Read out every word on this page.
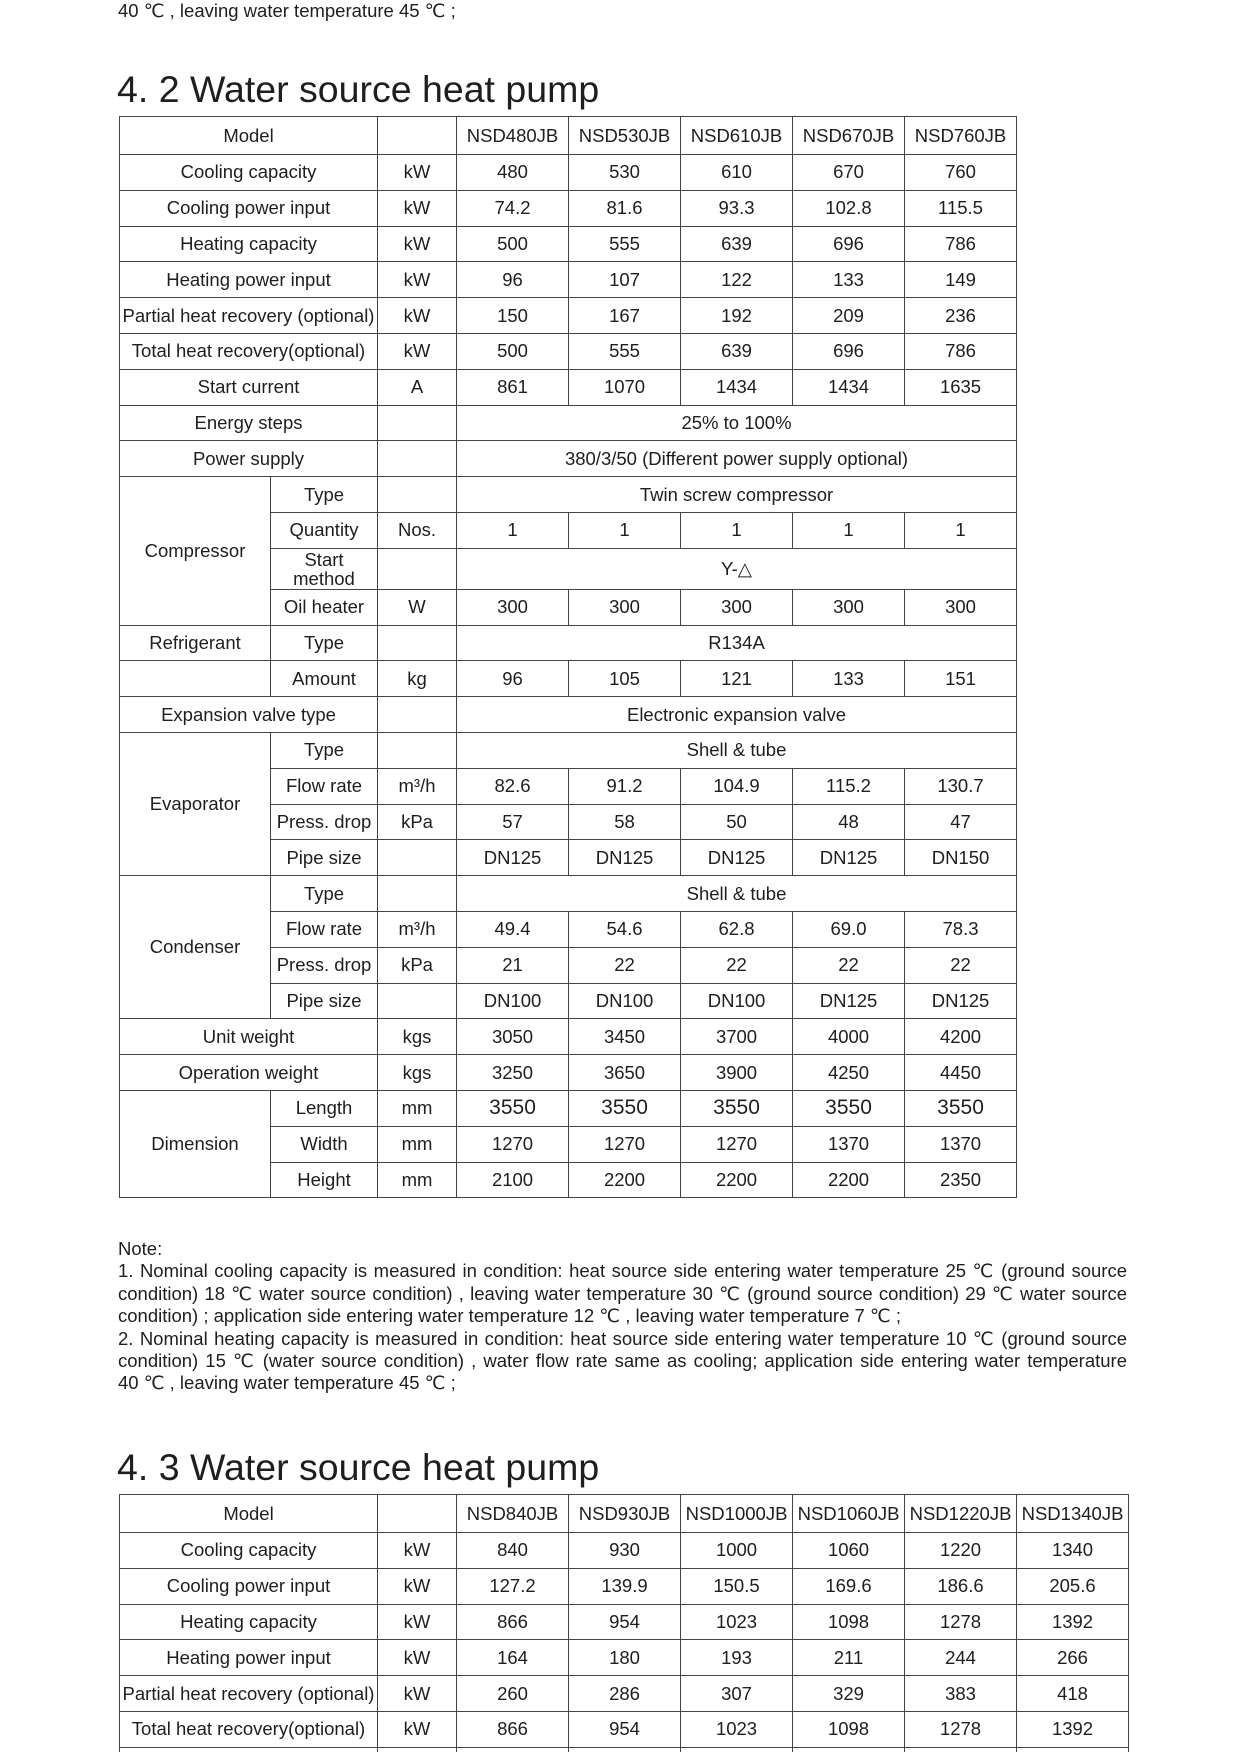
40 ℃ , leaving water temperature 45 ℃ ;
4. 2 Water source heat pump
Model			NSD480JB	NSD530JB	NSD610JB	NSD670JB	NSD760JB
Cooling capacity		kW	480	530	610	670	760
Cooling power input		kW	74.2	81.6	93.3	102.8	115.5
Heating capacity		kW	500	555	639	696	786
Heating power input		kW	96	107	122	133	149
Partial heat recovery (optional)		kW	150	167	192	209	236
Total heat recovery(optional)		kW	500	555	639	696	786
Start current		A	861	1070	1434	1434	1635
Energy steps			25% to 100%				
Power supply			380/3/50 (Different power supply optional)				
Compressor	Type		Twin screw compressor				
	Quantity	Nos.	1	1	1	1	1
	Start method		Y-△				
	Oil heater	W	300	300	300	300	300
Refrigerant	Type		R134A				
	Amount	kg	96	105	121	133	151
Expansion valve type			Electronic expansion valve				
Evaporator	Type		Shell & tube				
	Flow rate	m³/h	82.6	91.2	104.9	115.2	130.7
	Press. drop	kPa	57	58	50	48	47
	Pipe size		DN125	DN125	DN125	DN125	DN150
Condenser	Type		Shell & tube				
	Flow rate	m³/h	49.4	54.6	62.8	69.0	78.3
	Press. drop	kPa	21	22	22	22	22
	Pipe size		DN100	DN100	DN100	DN125	DN125
Unit weight		kgs	3050	3450	3700	4000	4200
Operation weight		kgs	3250	3650	3900	4250	4450
Dimension	Length	mm	3550	3550	3550	3550	3550
	Width	mm	1270	1270	1270	1370	1370
	Height	mm	2100	2200	2200	2200	2350
Note:
1. Nominal cooling capacity is measured in condition: heat source side entering water temperature 25 ℃ (ground source
condition) 18 ℃ water source condition) , leaving water temperature 30 ℃ (ground source condition) 29 ℃ water source
condition) ; application side entering water temperature 12 ℃ , leaving water temperature 7 ℃ ;
2. Nominal heating capacity is measured in condition: heat source side entering water temperature 10 ℃ (ground source
condition) 15 ℃ (water source condition) , water flow rate same as cooling; application side entering water temperature
40 ℃ , leaving water temperature 45 ℃ ;
4. 3 Water source heat pump
Model		NSD840JB	NSD930JB	NSD1000JB	NSD1060JB	NSD1220JB	NSD1340JB
Cooling capacity	kW	840	930	1000	1060	1220	1340
Cooling power input	kW	127.2	139.9	150.5	169.6	186.6	205.6
Heating capacity	kW	866	954	1023	1098	1278	1392
Heating power input	kW	164	180	193	211	244	266
Partial heat recovery (optional)	kW	260	286	307	329	383	418
Total heat recovery(optional)	kW	866	954	1023	1098	1278	1392
